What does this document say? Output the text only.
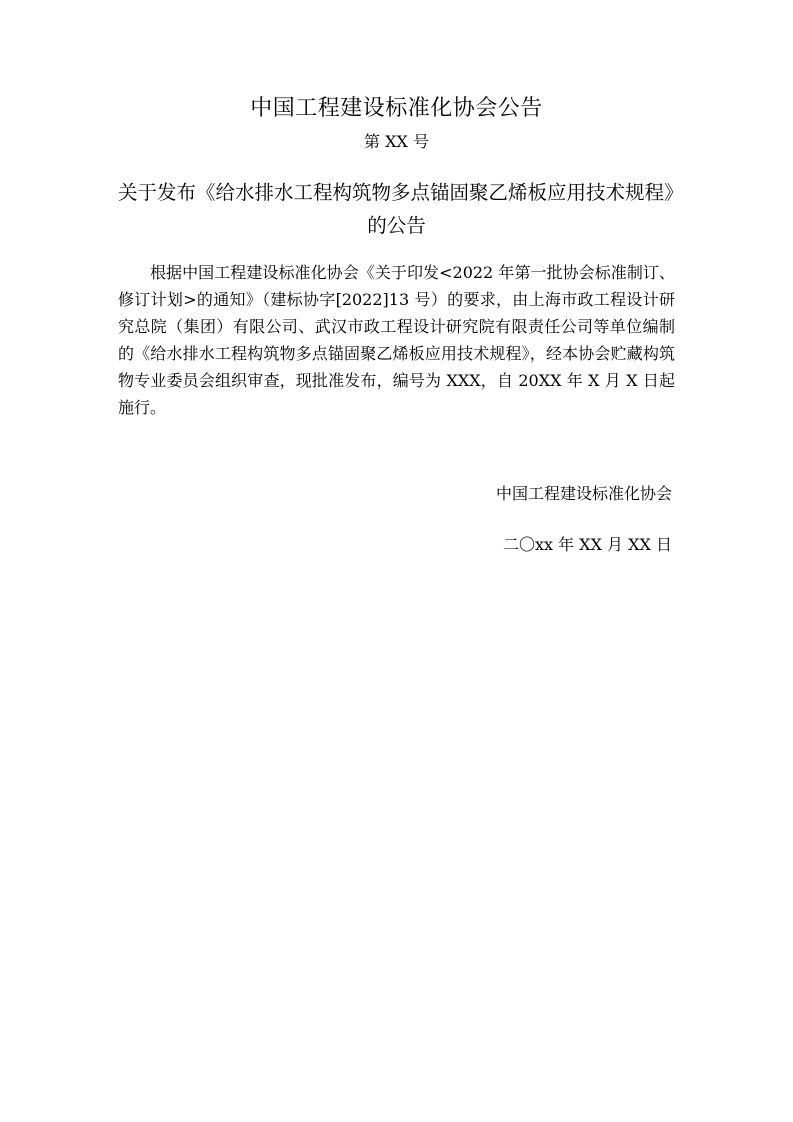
中国工程建设标准化协会公告
第 XX 号
关于发布《给水排水工程构筑物多点锚固聚乙烯板应用技术规程》
的公告

根据中国工程建设标准化协会《关于印发<2022 年第一批协会标准制订、修订计划>的通知》（建标协字[2022]13 号）的要求，由上海市政工程设计研究总院（集团）有限公司、武汉市政工程设计研究院有限责任公司等单位编制的《给水排水工程构筑物多点锚固聚乙烯板应用技术规程》，经本协会贮藏构筑物专业委员会组织审查，现批准发布，编号为 XXX，自 20XX 年 X 月 X 日起施行。

中国工程建设标准化协会
二〇xx 年 XX 月 XX 日
